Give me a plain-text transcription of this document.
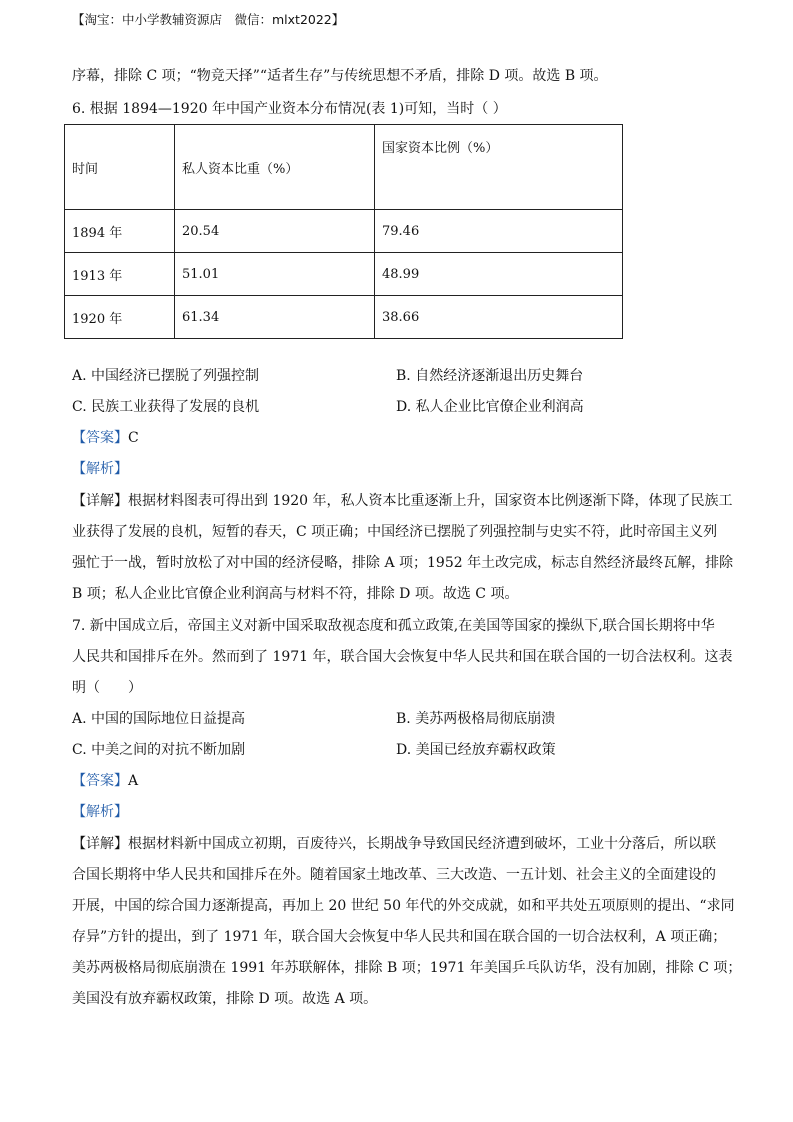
【淘宝：中小学教辅资源店　微信：mlxt2022】
序幕，排除 C 项；“物竞天择”“适者生存”与传统思想不矛盾，排除 D 项。故选 B 项。
6. 根据 1894—1920 年中国产业资本分布情况(表 1)可知，当时（ ）
时间	私人资本比重（%）	国家资本比例（%）
1894 年	20.54	79.46
1913 年	51.01	48.99
1920 年	61.34	38.66
A. 中国经济已摆脱了列强控制	B. 自然经济逐渐退出历史舞台
C. 民族工业获得了发展的良机	D. 私人企业比官僚企业利润高
【答案】C
【解析】
【详解】根据材料图表可得出到 1920 年，私人资本比重逐渐上升，国家资本比例逐渐下降，体现了民族工
业获得了发展的良机，短暂的春天，C 项正确；中国经济已摆脱了列强控制与史实不符，此时帝国主义列
强忙于一战，暂时放松了对中国的经济侵略，排除 A 项；1952 年土改完成，标志自然经济最终瓦解，排除
B 项；私人企业比官僚企业利润高与材料不符，排除 D 项。故选 C 项。
7. 新中国成立后，帝国主义对新中国采取敌视态度和孤立政策,在美国等国家的操纵下,联合国长期将中华
人民共和国排斥在外。然而到了 1971 年，联合国大会恢复中华人民共和国在联合国的一切合法权利。这表
明（　　）
A. 中国的国际地位日益提高	B. 美苏两极格局彻底崩溃
C. 中美之间的对抗不断加剧	D. 美国已经放弃霸权政策
【答案】A
【解析】
【详解】根据材料新中国成立初期，百废待兴，长期战争导致国民经济遭到破坏，工业十分落后，所以联
合国长期将中华人民共和国排斥在外。随着国家土地改革、三大改造、一五计划、社会主义的全面建设的
开展，中国的综合国力逐渐提高，再加上 20 世纪 50 年代的外交成就，如和平共处五项原则的提出、“求同
存异”方针的提出，到了 1971 年，联合国大会恢复中华人民共和国在联合国的一切合法权利，A 项正确；
美苏两极格局彻底崩溃在 1991 年苏联解体，排除 B 项；1971 年美国乒乓队访华，没有加剧，排除 C 项；
美国没有放弃霸权政策，排除 D 项。故选 A 项。
